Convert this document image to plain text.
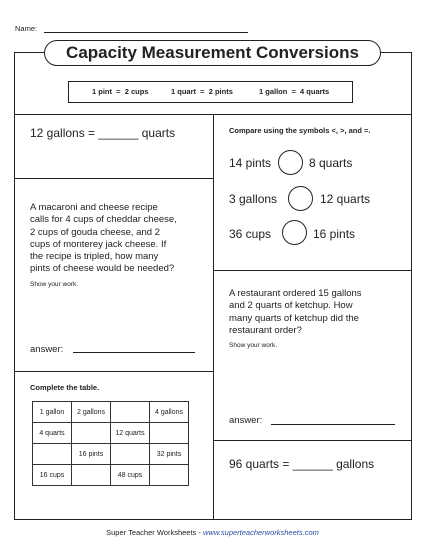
Name:
Capacity Measurement Conversions
1 pint  =  2 cups	1 quart  =  2 pints	1 gallon  =  4 quarts
12 gallons = ______ quarts	Compare using the symbols <, >, and =.
14 pints	8 quarts
3 gallons	12 quarts
36 cups	16 pints
A macaroni and cheese recipe
calls for 4 cups of cheddar cheese,
2 cups of gouda cheese, and 2
cups of monterey jack cheese. If
the recipe is tripled, how many
pints of cheese would be needed?
Show your work.
answer:
A restaurant ordered 15 gallons
and 2 quarts of ketchup. How
many quarts of ketchup did the
restaurant order?
Show your work.
answer:
Complete the table.
1 gallon	2 gallons		4 gallons
4 quarts		12 quarts	
	16 pints		32 pints
16 cups		48 cups	
96 quarts = ______ gallons
Super Teacher Worksheets - www.superteacherworksheets.com
